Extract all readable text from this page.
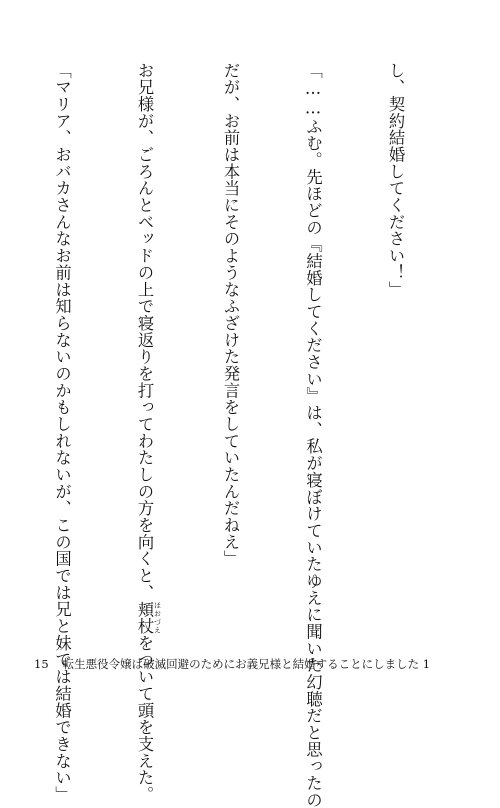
し、契約結婚してください！」

「……ふむ。先ほどの『結婚してください』は、私が寝ぼけていたゆえに聞いた幻聴だと思ったの

だが、お前は本当にそのようなふざけた発言をしていたんだねえ」

お兄様が、ごろんとベッドの上で寝返りを打ってわたしの方を向くと、頬杖 ほおづえをついて頭を支えた。

「マリア、おバカさんなお前は知らないのかもしれないが、この国では兄と妹では結婚できない」

15 転生悪役令嬢は破滅回避のためにお義兄様と結婚することにしました 1
